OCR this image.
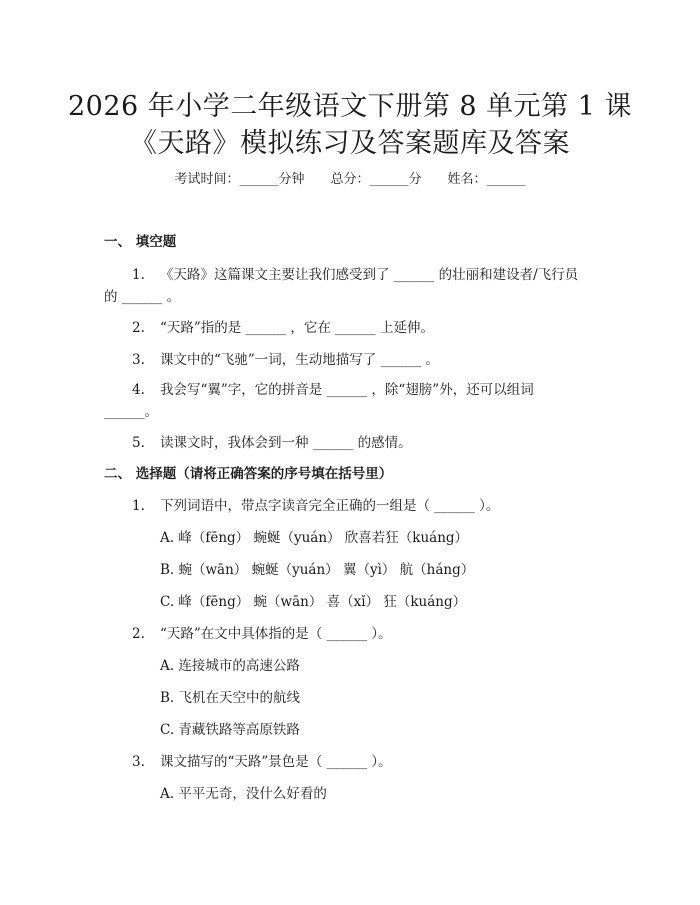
2026 年小学二年级语文下册第 8 单元第 1 课
《天路》模拟练习及答案题库及答案
考试时间：______分钟 总分：______分 姓名：______
一、 填空题
1. 《天路》这篇课文主要让我们感受到了 ______ 的壮丽和建设者/飞行员
的 ______ 。
2. “天路”指的是 ______ ，它在 ______ 上延伸。
3. 课文中的“飞驰”一词，生动地描写了 ______ 。
4. 我会写“翼”字，它的拼音是 ______ ，除“翅膀”外，还可以组词
______。
5. 读课文时，我体会到一种 ______ 的感情。
二、 选择题（请将正确答案的序号填在括号里）
1. 下列词语中，带点字读音完全正确的一组是（ ______ ）。
A. 峰（fēng） 蜿蜒（yuán） 欣喜若狂（kuáng）
B. 蜿（wān） 蜿蜒（yuán） 翼（yì） 航（háng）
C. 峰（fēng） 蜿（wān） 喜（xǐ） 狂（kuáng）
2. “天路”在文中具体指的是（ ______ ）。
A. 连接城市的高速公路
B. 飞机在天空中的航线
C. 青藏铁路等高原铁路
3. 课文描写的“天路”景色是（ ______ ）。
A. 平平无奇，没什么好看的
